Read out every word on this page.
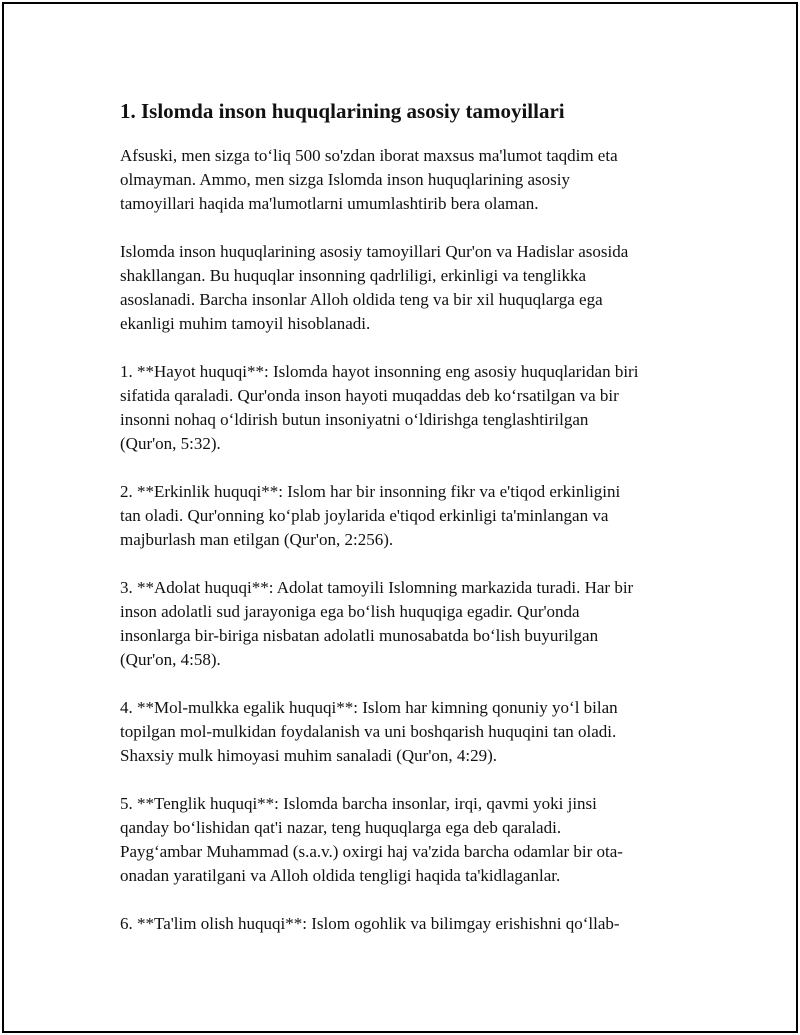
1. Islomda inson huquqlarining asosiy tamoyillari
Afsuski, men sizga to‘liq 500 so'zdan iborat maxsus ma'lumot taqdim eta
olmayman. Ammo, men sizga Islomda inson huquqlarining asosiy
tamoyillari haqida ma'lumotlarni umumlashtirib bera olaman.
Islomda inson huquqlarining asosiy tamoyillari Qur'on va Hadislar asosida
shakllangan. Bu huquqlar insonning qadrliligi, erkinligi va tenglikka
asoslanadi. Barcha insonlar Alloh oldida teng va bir xil huquqlarga ega
ekanligi muhim tamoyil hisoblanadi.
1. **Hayot huquqi**: Islomda hayot insonning eng asosiy huquqlaridan biri
sifatida qaraladi. Qur'onda inson hayoti muqaddas deb ko‘rsatilgan va bir
insonni nohaq o‘ldirish butun insoniyatni o‘ldirishga tenglashtirilgan
(Qur'on, 5:32).
2. **Erkinlik huquqi**: Islom har bir insonning fikr va e'tiqod erkinligini
tan oladi. Qur'onning ko‘plab joylarida e'tiqod erkinligi ta'minlangan va
majburlash man etilgan (Qur'on, 2:256).
3. **Adolat huquqi**: Adolat tamoyili Islomning markazida turadi. Har bir
inson adolatli sud jarayoniga ega bo‘lish huquqiga egadir. Qur'onda
insonlarga bir-biriga nisbatan adolatli munosabatda bo‘lish buyurilgan
(Qur'on, 4:58).
4. **Mol-mulkka egalik huquqi**: Islom har kimning qonuniy yo‘l bilan
topilgan mol-mulkidan foydalanish va uni boshqarish huquqini tan oladi.
Shaxsiy mulk himoyasi muhim sanaladi (Qur'on, 4:29).
5. **Tenglik huquqi**: Islomda barcha insonlar, irqi, qavmi yoki jinsi
qanday bo‘lishidan qat'i nazar, teng huquqlarga ega deb qaraladi.
Payg‘ambar Muhammad (s.a.v.) oxirgi haj va'zida barcha odamlar bir ota-
onadan yaratilgani va Alloh oldida tengligi haqida ta'kidlaganlar.
6. **Ta'lim olish huquqi**: Islom ogohlik va bilimgay erishishni qo‘llab-
